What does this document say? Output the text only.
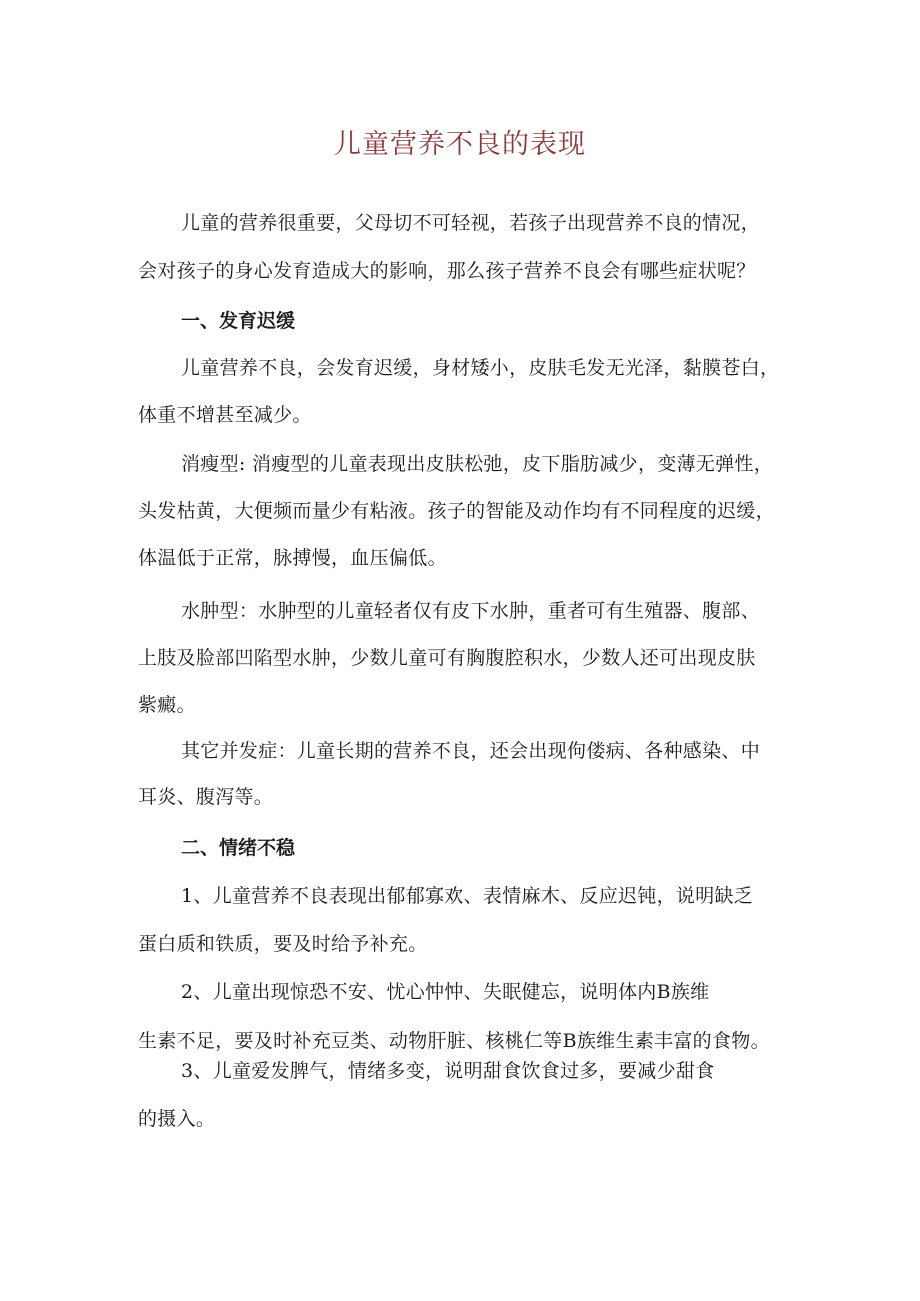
儿童营养不良的表现
儿童的营养很重要，父母切不可轻视，若孩子出现营养不良的情况，
会对孩子的身心发育造成大的影响，那么孩子营养不良会有哪些症状呢？
一、发育迟缓
儿童营养不良，会发育迟缓，身材矮小，皮肤毛发无光泽，黏膜苍白，
体重不增甚至减少。
消瘦型: 消瘦型的儿童表现出皮肤松弛，皮下脂肪减少，变薄无弹性，
头发枯黄，大便频而量少有粘液。孩子的智能及动作均有不同程度的迟缓，
体温低于正常，脉搏慢，血压偏低。
水肿型：水肿型的儿童轻者仅有皮下水肿，重者可有生殖器、腹部、
上肢及脸部凹陷型水肿，少数儿童可有胸腹腔积水，少数人还可出现皮肤
紫癜。
其它并发症：儿童长期的营养不良，还会出现佝偻病、各种感染、中
耳炎、腹泻等。
二、情绪不稳
1、儿童营养不良表现出郁郁寡欢、表情麻木、反应迟钝，说明缺乏
蛋白质和铁质，要及时给予补充。
2、儿童出现惊恐不安、忧心忡忡、失眠健忘，说明体内B族维
生素不足，要及时补充豆类、动物肝脏、核桃仁等B族维生素丰富的食物。
3、儿童爱发脾气，情绪多变，说明甜食饮食过多，要减少甜食
的摄入。
